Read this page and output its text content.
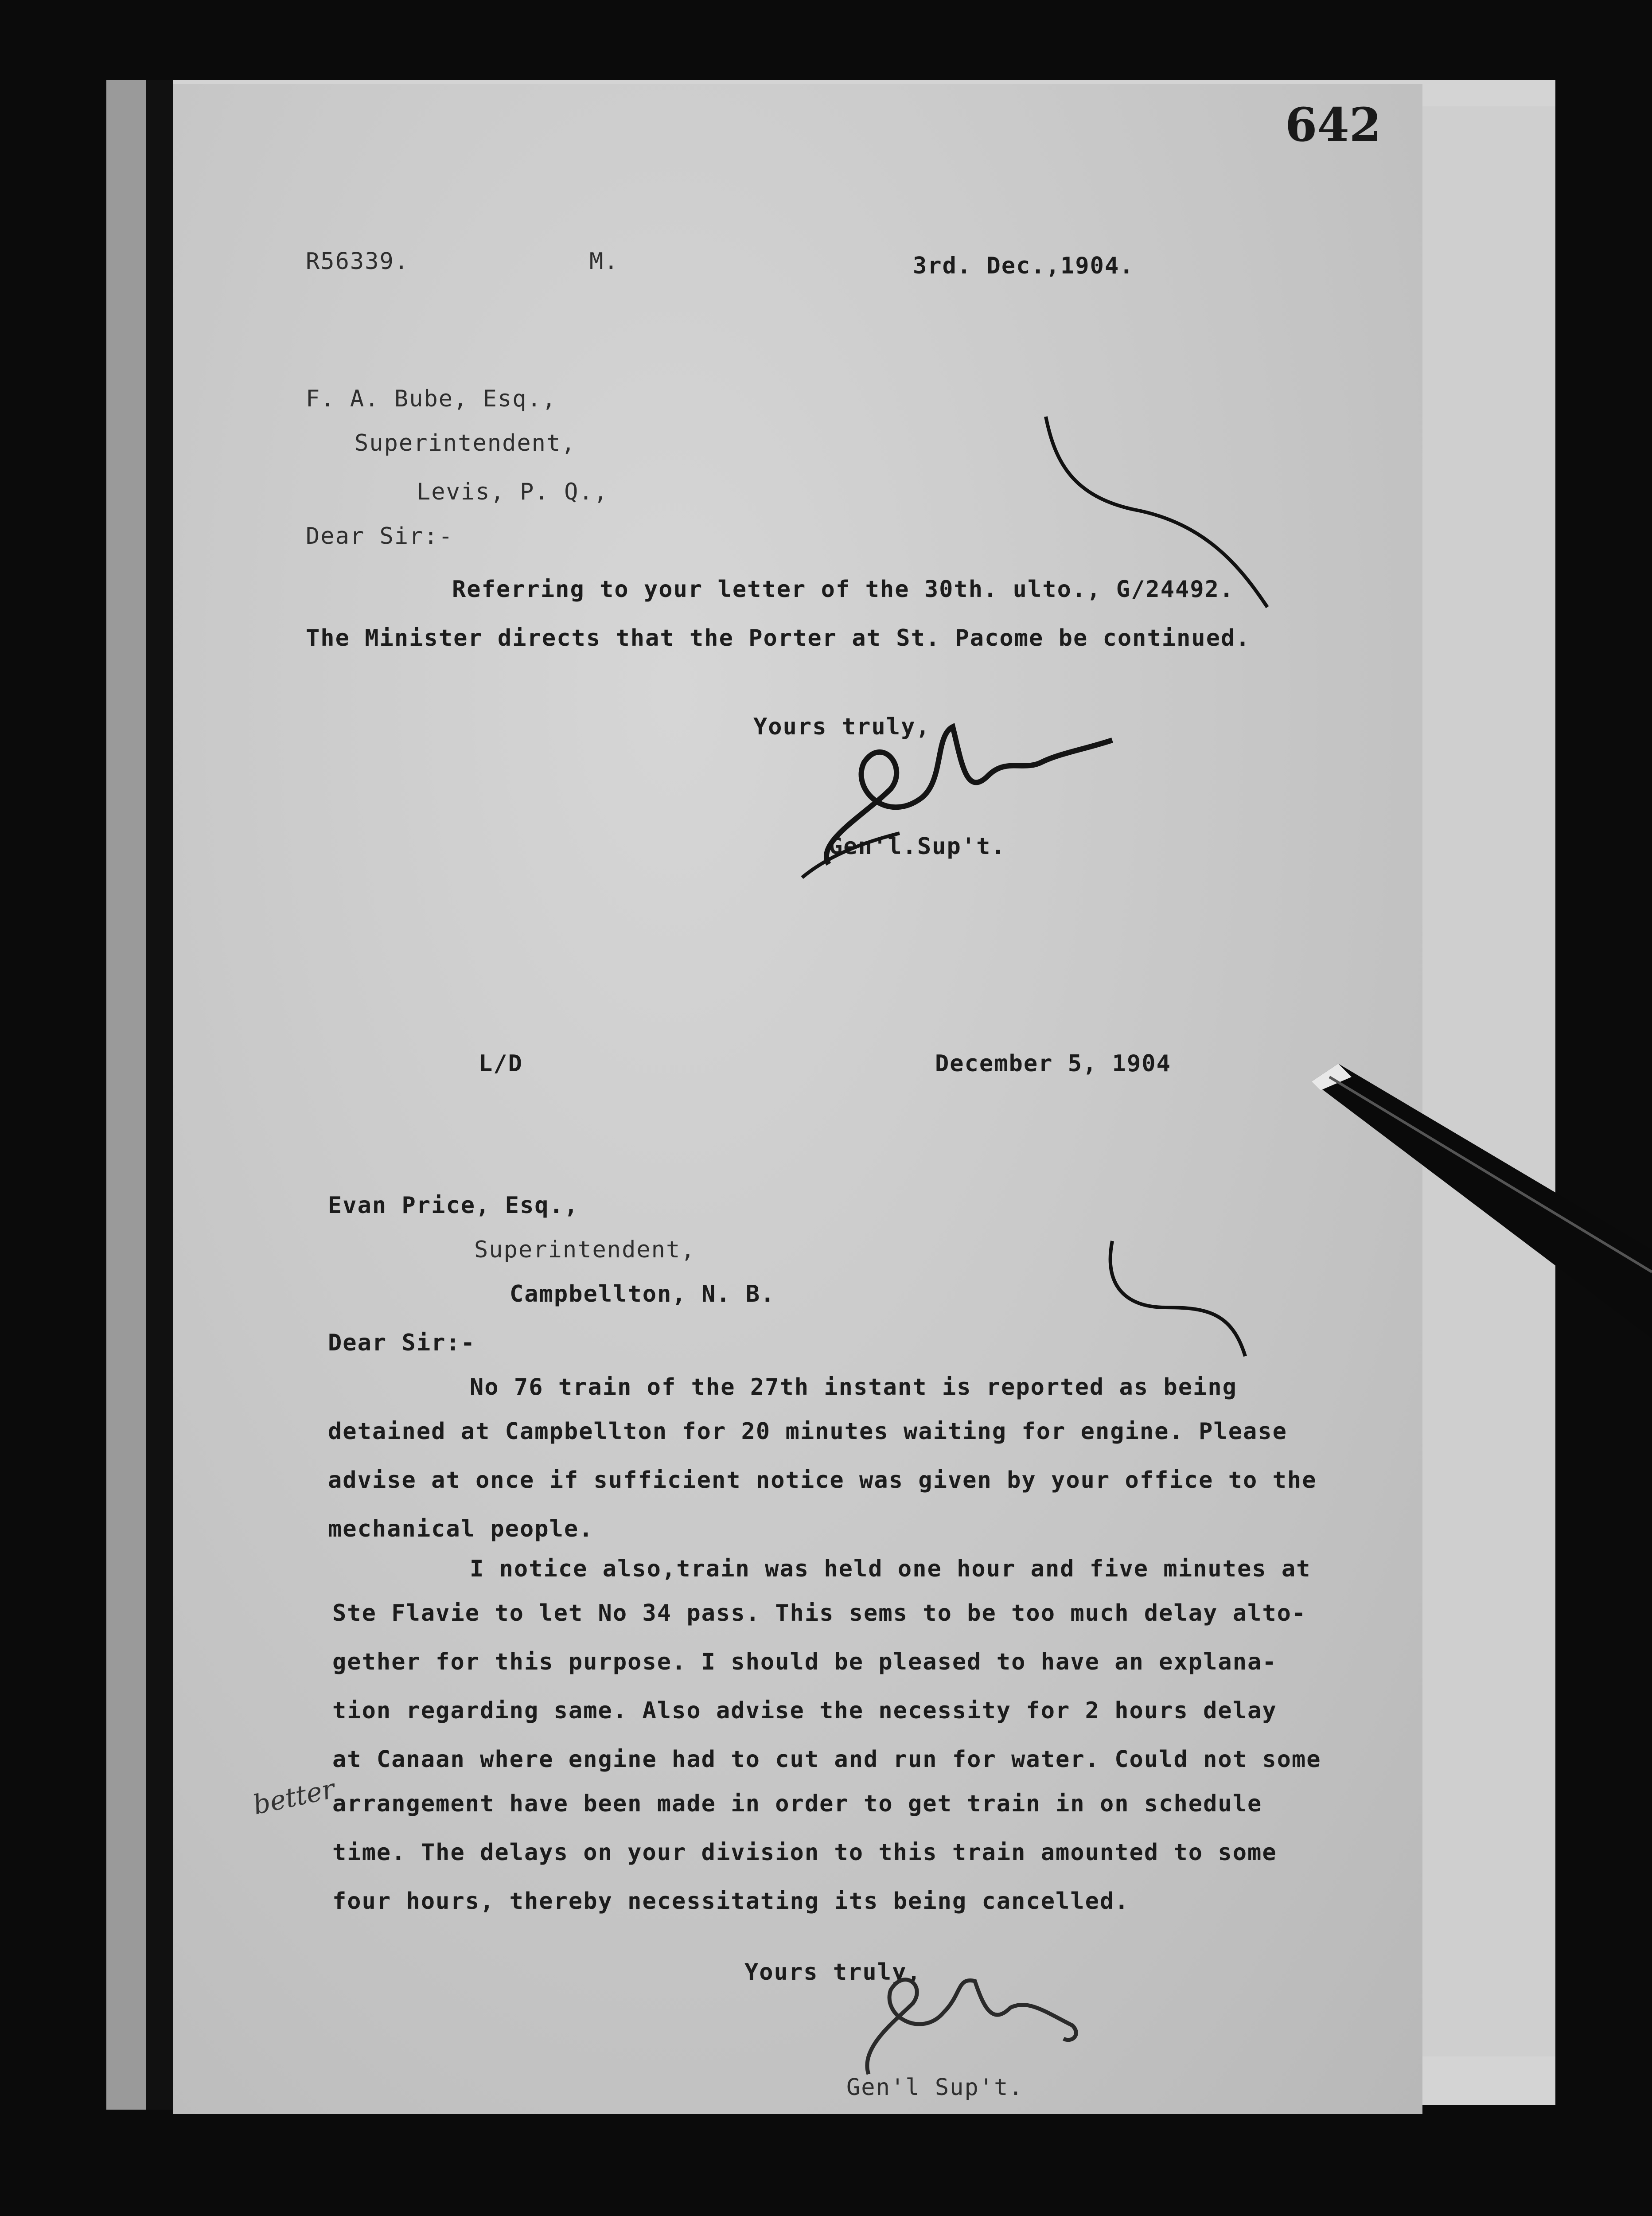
642
R56339.	M.	3rd. Dec.,1904.
F. A. Bube, Esq.,
Superintendent,
Levis, P. Q.,
Dear Sir:-
Referring to your letter of the 30th. ulto., G/24492.
The Minister directs that the Porter at St. Pacome be continued.
Yours truly,
Gen'l.Sup't.
L/D	December 5, 1904
Evan Price, Esq.,
Superintendent,
Campbellton, N. B.
Dear Sir:-
No 76 train of the 27th instant is reported as being
detained at Campbellton for 20 minutes waiting for engine. Please
advise at once if sufficient notice was given by your office to the
mechanical people.
I notice also,train was held one hour and five minutes at
Ste Flavie to let No 34 pass. This sems to be too much delay alto-
gether for this purpose. I should be pleased to have an explana-
tion regarding same. Also advise the necessity for 2 hours delay
at Canaan where engine had to cut and run for water. Could not some
arrangement have been made in order to get train in on schedule
time. The delays on your division to this train amounted to some
four hours, thereby necessitating its being cancelled.
better
Yours truly,
Gen'l Sup't.
